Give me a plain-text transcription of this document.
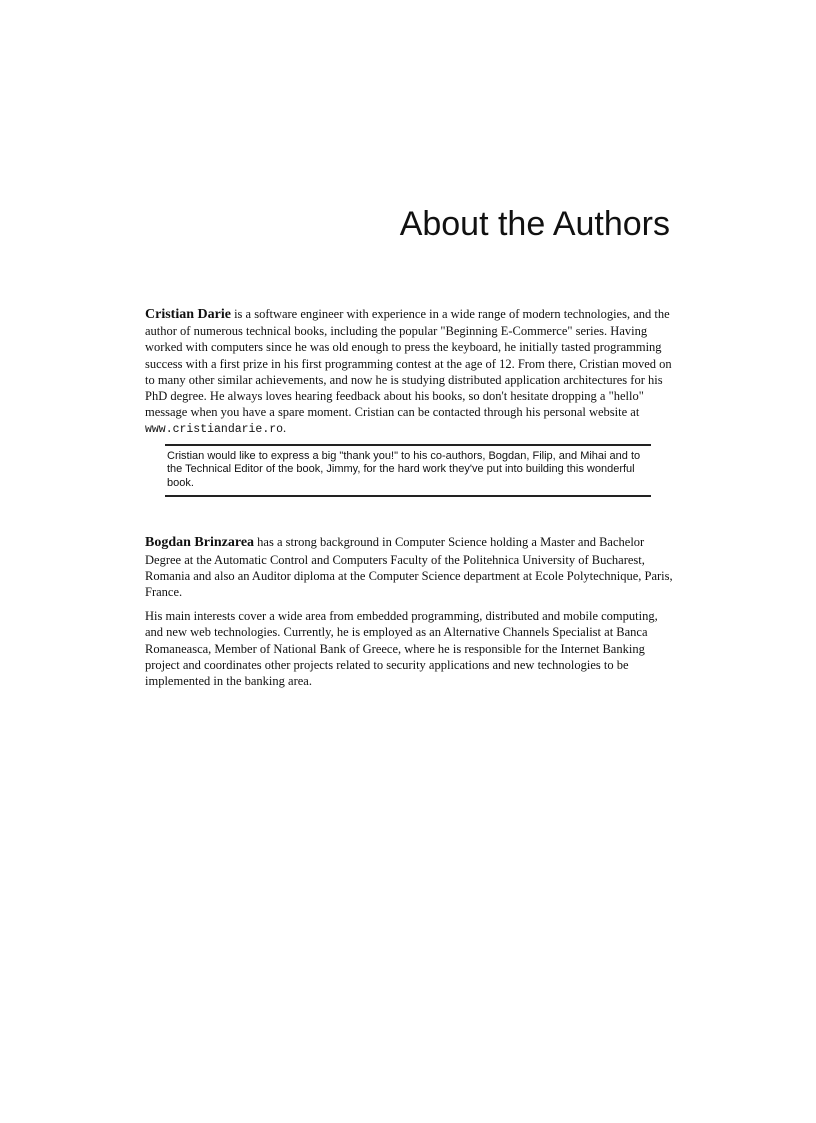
About the Authors

Cristian Darie is a software engineer with experience in a wide range of modern technologies, and the author of numerous technical books, including the popular "Beginning E-Commerce" series. Having worked with computers since he was old enough to press the keyboard, he initially tasted programming success with a first prize in his first programming contest at the age of 12. From there, Cristian moved on to many other similar achievements, and now he is studying distributed application architectures for his PhD degree. He always loves hearing feedback about his books, so don't hesitate dropping a "hello" message when you have a spare moment. Cristian can be contacted through his personal website at www.cristiandarie.ro.

Cristian would like to express a big "thank you!" to his co-authors, Bogdan, Filip, and Mihai and to the Technical Editor of the book, Jimmy, for the hard work they've put into building this wonderful book.

Bogdan Brinzarea has a strong background in Computer Science holding a Master and Bachelor Degree at the Automatic Control and Computers Faculty of the Politehnica University of Bucharest, Romania and also an Auditor diploma at the Computer Science department at Ecole Polytechnique, Paris, France.

His main interests cover a wide area from embedded programming, distributed and mobile computing, and new web technologies. Currently, he is employed as an Alternative Channels Specialist at Banca Romaneasca, Member of National Bank of Greece, where he is responsible for the Internet Banking project and coordinates other projects related to security applications and new technologies to be implemented in the banking area.
